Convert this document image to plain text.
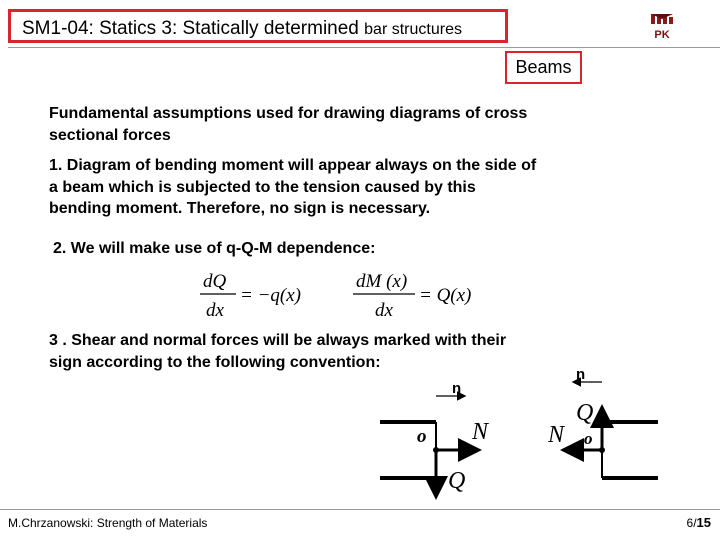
SM1-04: Statics 3: Statically determined bar structures	PK
Beams
Fundamental assumptions used for drawing diagrams of cross
sectional forces
1. Diagram of bending moment will appear always on the side of
a beam which is subjected to the tension caused by this
bending moment. Therefore, no sign is necessary.
2. We will make use of q-Q-M dependence:
dQ
dx
= −q(x)
dM (x)
dx
= Q(x)
3 . Shear and normal forces will be always marked with their
sign according to the following convention:
n
o N
Q
n
Q
N o
M.Chrzanowski: Strength of Materials	6/15
